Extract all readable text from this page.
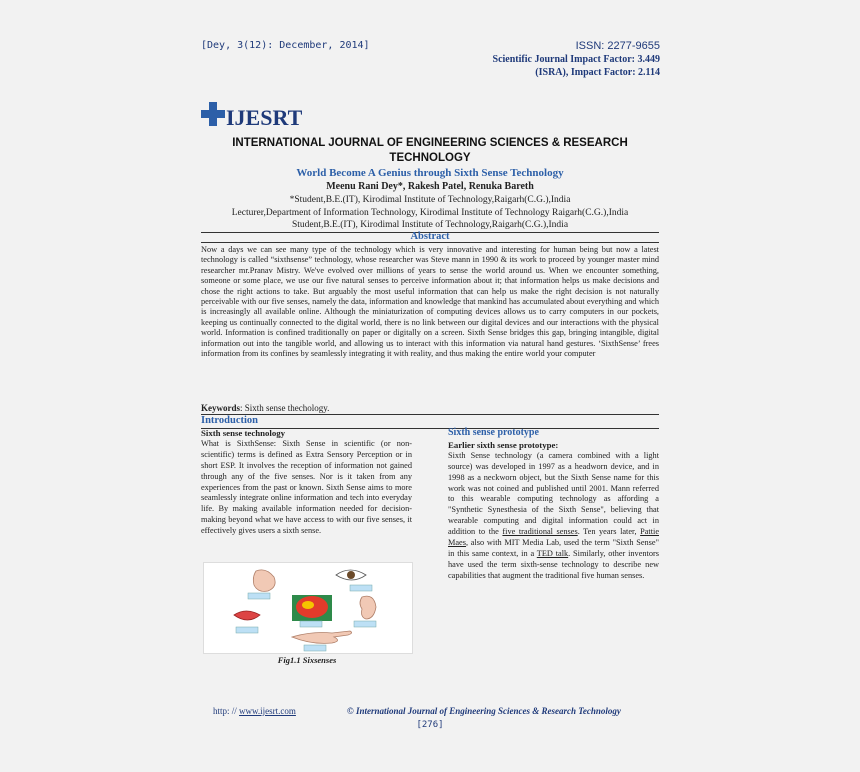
[Dey, 3(12): December, 2014]	ISSN: 2277-9655
Scientific Journal Impact Factor: 3.449
(ISRA), Impact Factor: 2.114
IJESRT
INTERNATIONAL JOURNAL OF ENGINEERING SCIENCES & RESEARCH TECHNOLOGY
World Become A Genius through Sixth Sense Technology
Meenu Rani Dey*, Rakesh Patel, Renuka Bareth
*Student,B.E.(IT), Kirodimal Institute of Technology,Raigarh(C.G.),India
Lecturer,Department of Information Technology, Kirodimal Institute of Technology Raigarh(C.G.),India
Student,B.E.(IT), Kirodimal Institute of Technology,Raigarh(C.G.),India
Abstract
Now a days we can see many type of the technology which is very innovative and interesting for human being but now a latest technology is called “sixthsense” technology, whose researcher was Steve mann in 1990 & its work to proceed by younger master mind researcher mr.Pranav Mistry. We've evolved over millions of years to sense the world around us. When we encounter something, someone or some place, we use our five natural senses to perceive information about it; that information helps us make decisions and chose the right actions to take. But arguably the most useful information that can help us make the right decision is not naturally perceivable with our five senses, namely the data, information and knowledge that mankind has accumulated about everything and which is increasingly all available online. Although the miniaturization of computing devices allows us to carry computers in our pockets, keeping us continually connected to the digital world, there is no link between our digital devices and our interactions with the physical world. Information is confined traditionally on paper or digitally on a screen. Sixth Sense bridges this gap, bringing intangible, digital information out into the tangible world, and allowing us to interact with this information via natural hand gestures. ‘SixthSense’ frees information from its confines by seamlessly integrating it with reality, and thus making the entire world your computer
Keywords: Sixth sense thechology.
Introduction
Sixth sense technology
What is SixthSense: Sixth Sense in scientific (or non-scientific) terms is defined as Extra Sensory Perception or in short ESP. It involves the reception of information not gained through any of the five senses. Nor is it taken from any experiences from the past or known. Sixth Sense aims to more seamlessly integrate online information and tech into everyday life. By making available information needed for decision-making beyond what we have access to with our five senses, it effectively gives users a sixth sense.
Fig1.1 Sixsenses
Sixth sense prototype
Earlier sixth sense prototype:
Sixth Sense technology (a camera combined with a light source) was developed in 1997 as a headworn device, and in 1998 as a neckworn object, but the Sixth Sense name for this work was not coined and published until 2001. Mann referred to this wearable computing technology as affording a "Synthetic Synesthesia of the Sixth Sense", believing that wearable computing and digital information could act in addition to the five traditional senses. Ten years later, Pattie Maes, also with MIT Media Lab, used the term "Sixth Sense" in this same context, in a TED talk. Similarly, other inventors have used the term sixth-sense technology to describe new capabilities that augment the traditional five human senses.
http: // www.ijesrt.com	© International Journal of Engineering Sciences & Research Technology
[276]
